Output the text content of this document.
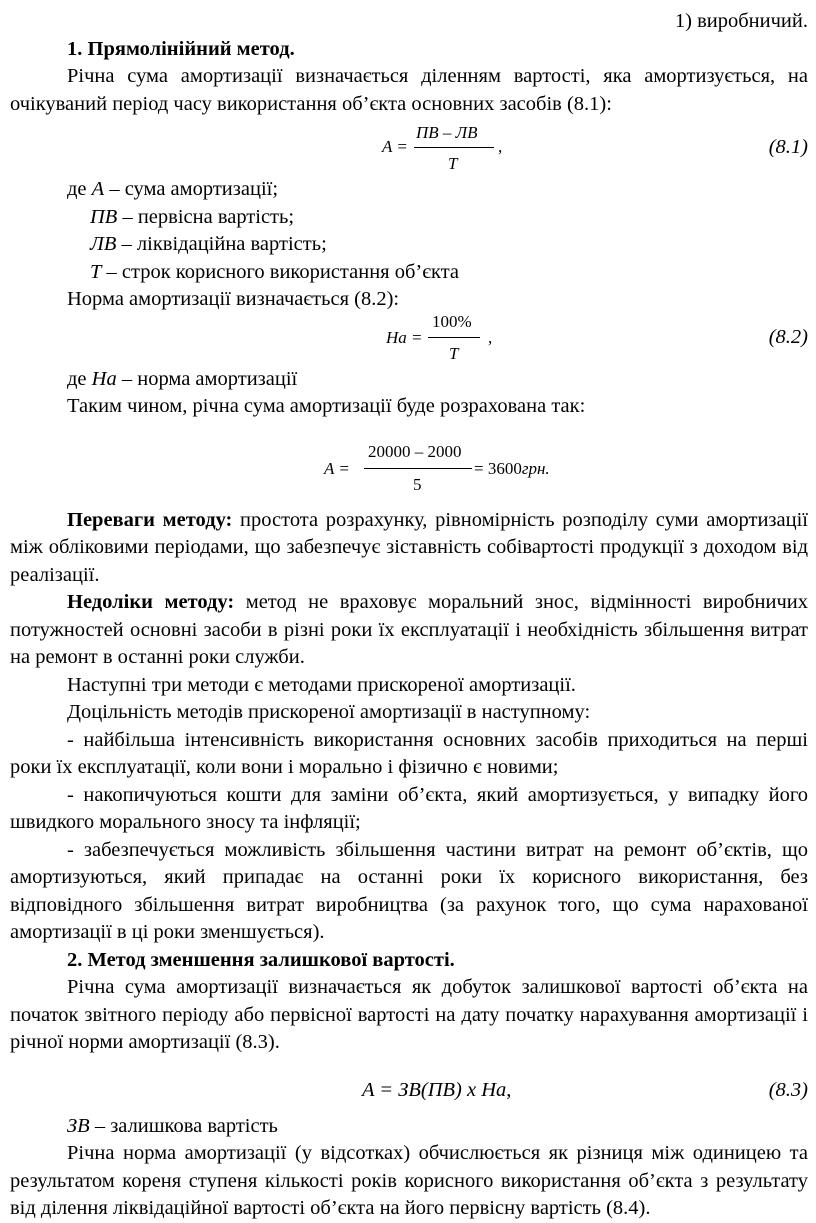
1) виробничий.

1. Прямолінійний метод.

Річна сума амортизації визначається діленням вартості, яка амортизується, на очікуваний період часу використання об’єкта основних засобів (8.1):

A =
ПВ – ЛВ
Т
,	(8.1)

де A – сума амортизації;

ПВ – первісна вартість;

ЛВ – ліквідаційна вартість;

Т – строк корисного використання об’єкта

Норма амортизації визначається (8.2):

На =
100%
Т
,	(8.2)

де На – норма амортизації

Таким чином, річна сума амортизації буде розрахована так:

A =
20000 – 2000
5
= 3600грн.

Переваги методу: простота розрахунку, рівномірність розподілу суми амортизації між обліковими періодами, що забезпечує зіставність собівартості продукції з доходом від реалізації.

Недоліки методу: метод не враховує моральний знос, відмінності виробничих потужностей основні засоби в різні роки їх експлуатації і необхідність збільшення витрат на ремонт в останні роки служби.

Наступні три методи є методами прискореної амортизації.

Доцільність методів прискореної амортизації в наступному:

- найбільша інтенсивність використання основних засобів приходиться на перші роки їх експлуатації, коли вони і морально і фізично є новими;

- накопичуються кошти для заміни об’єкта, який амортизується, у випадку його швидкого морального зносу та інфляції;

- забезпечується можливість збільшення частини витрат на ремонт об’єктів, що амортизуються, який припадає на останні роки їх корисного використання, без відповідного збільшення витрат виробництва (за рахунок того, що сума нарахованої амортизації в ці роки зменшується).

2. Метод зменшення залишкової вартості.

Річна сума амортизації визначається як добуток залишкової вартості об’єкта на початок звітного періоду або первісної вартості на дату початку нарахування амортизації і річної норми амортизації (8.3).

A = ЗВ(ПВ) х На,	(8.3)

ЗВ – залишкова вартість

Річна норма амортизації (у відсотках) обчислюється як різниця між одиницею та результатом кореня ступеня кількості років корисного використання об’єкта з результату від ділення ліквідаційної вартості об’єкта на його первісну вартість (8.4).
